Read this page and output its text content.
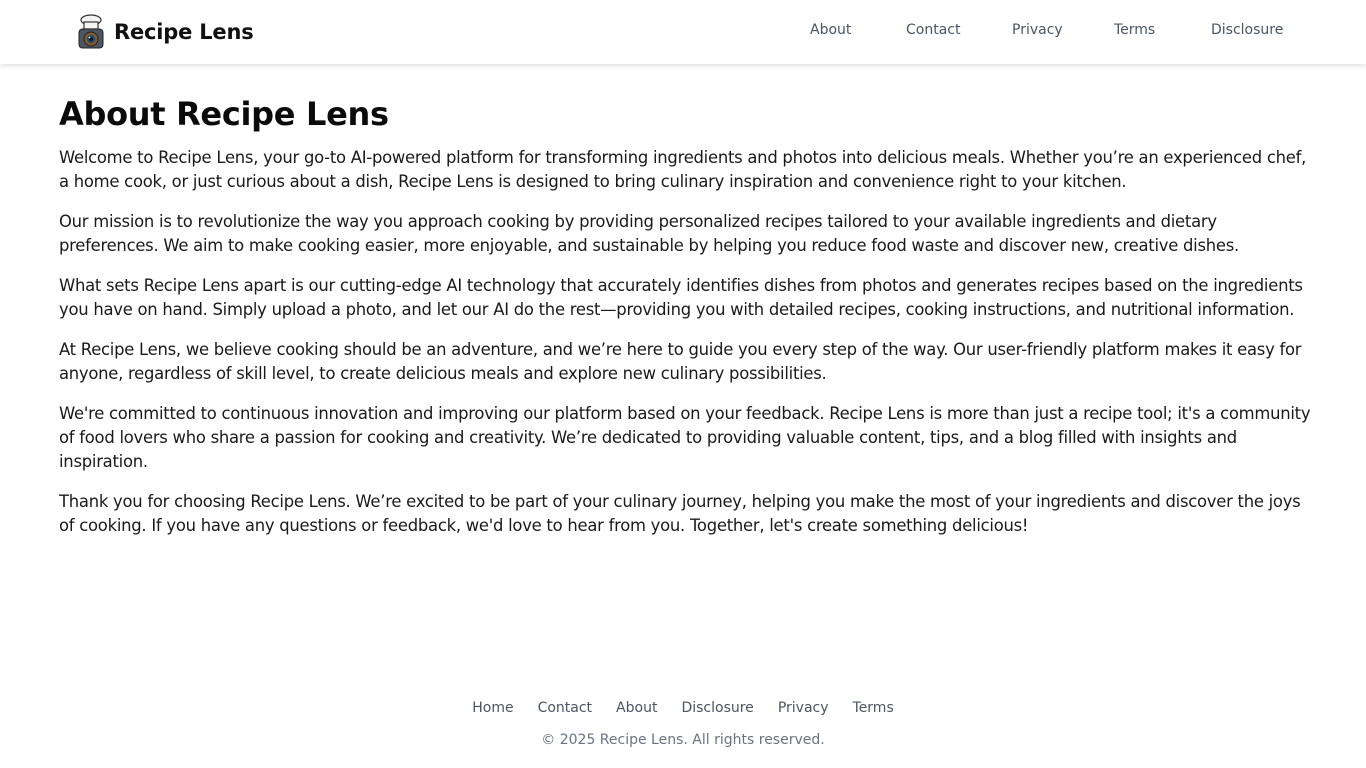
Recipe Lens	About	Contact	Privacy	Terms	Disclosure
About Recipe Lens

Welcome to Recipe Lens, your go-to AI-powered platform for transforming ingredients and photos into delicious meals. Whether you’re an experienced chef, a home cook, or just curious about a dish, Recipe Lens is designed to bring culinary inspiration and convenience right to your kitchen.

Our mission is to revolutionize the way you approach cooking by providing personalized recipes tailored to your available ingredients and dietary preferences. We aim to make cooking easier, more enjoyable, and sustainable by helping you reduce food waste and discover new, creative dishes.

What sets Recipe Lens apart is our cutting-edge AI technology that accurately identifies dishes from photos and generates recipes based on the ingredients you have on hand. Simply upload a photo, and let our AI do the rest—providing you with detailed recipes, cooking instructions, and nutritional information.

At Recipe Lens, we believe cooking should be an adventure, and we’re here to guide you every step of the way. Our user-friendly platform makes it easy for anyone, regardless of skill level, to create delicious meals and explore new culinary possibilities.

We're committed to continuous innovation and improving our platform based on your feedback. Recipe Lens is more than just a recipe tool; it's a community of food lovers who share a passion for cooking and creativity. We’re dedicated to providing valuable content, tips, and a blog filled with insights and inspiration.

Thank you for choosing Recipe Lens. We’re excited to be part of your culinary journey, helping you make the most of your ingredients and discover the joys of cooking. If you have any questions or feedback, we'd love to hear from you. Together, let's create something delicious!

Home Contact About Disclosure Privacy Terms
© 2025 Recipe Lens. All rights reserved.
